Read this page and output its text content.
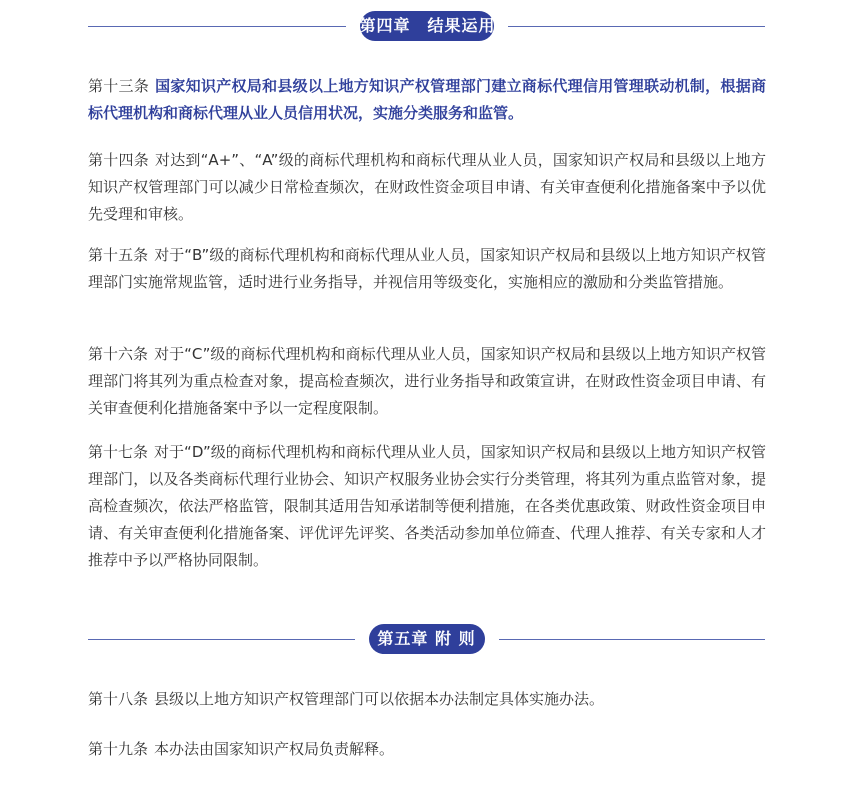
第四章　结果运用

第十三条 国家知识产权局和县级以上地方知识产权管理部门建立商标代理信用管理联动机制，根据商标代理机构和商标代理从业人员信用状况，实施分类服务和监管。

第十四条 对达到“A+”、“A”级的商标代理机构和商标代理从业人员，国家知识产权局和县级以上地方知识产权管理部门可以减少日常检查频次，在财政性资金项目申请、有关审查便利化措施备案中予以优先受理和审核。

第十五条 对于“B”级的商标代理机构和商标代理从业人员，国家知识产权局和县级以上地方知识产权管理部门实施常规监管，适时进行业务指导，并视信用等级变化，实施相应的激励和分类监管措施。

第十六条 对于“C”级的商标代理机构和商标代理从业人员，国家知识产权局和县级以上地方知识产权管理部门将其列为重点检查对象，提高检查频次，进行业务指导和政策宣讲，在财政性资金项目申请、有关审查便利化措施备案中予以一定程度限制。

第十七条 对于“D”级的商标代理机构和商标代理从业人员，国家知识产权局和县级以上地方知识产权管理部门，以及各类商标代理行业协会、知识产权服务业协会实行分类管理，将其列为重点监管对象，提高检查频次，依法严格监管，限制其适用告知承诺制等便利措施，在各类优惠政策、财政性资金项目申请、有关审查便利化措施备案、评优评先评奖、各类活动参加单位筛查、代理人推荐、有关专家和人才推荐中予以严格协同限制。

第五章 附 则

第十八条 县级以上地方知识产权管理部门可以依据本办法制定具体实施办法。

第十九条 本办法由国家知识产权局负责解释。
